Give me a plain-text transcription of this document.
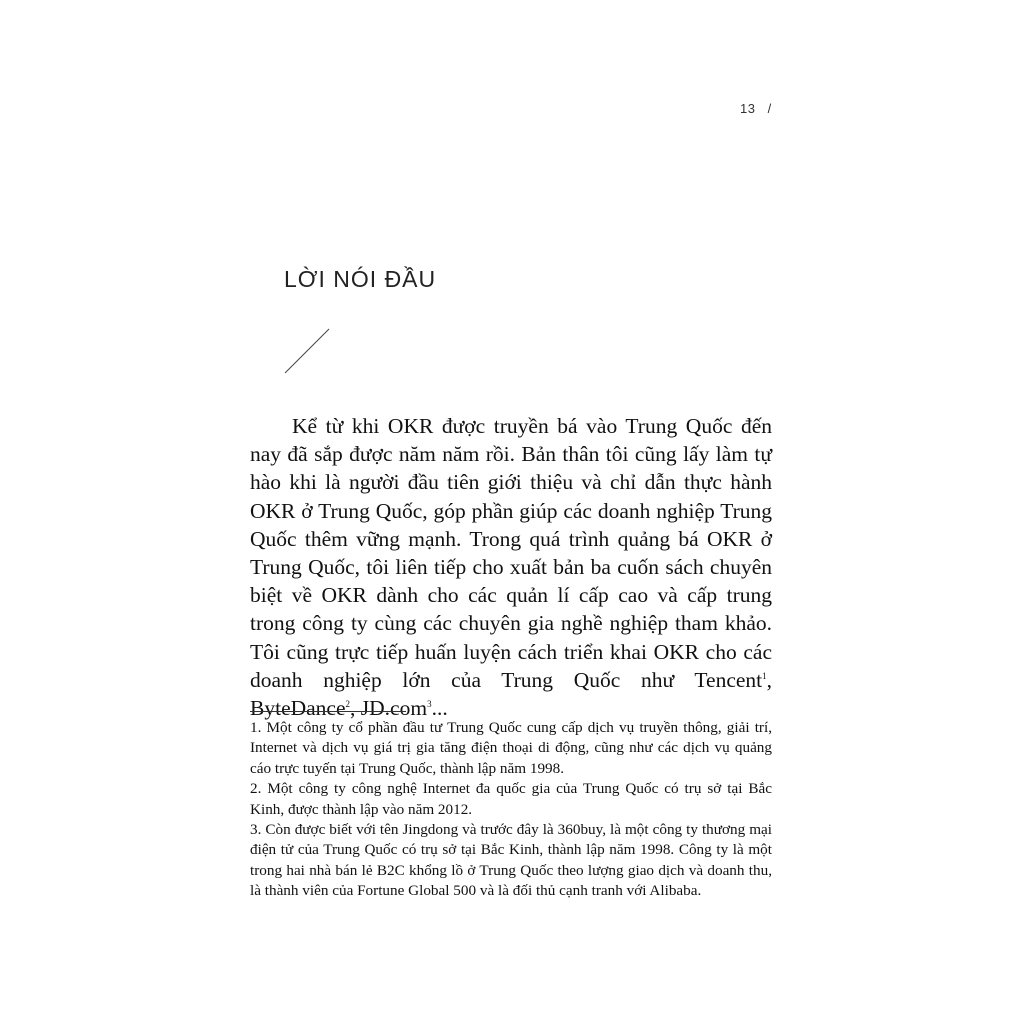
13 /
LỜI NÓI ĐẦU

Kể từ khi OKR được truyền bá vào Trung Quốc đến nay đã sắp được năm năm rồi. Bản thân tôi cũng lấy làm tự hào khi là người đầu tiên giới thiệu và chỉ dẫn thực hành OKR ở Trung Quốc, góp phần giúp các doanh nghiệp Trung Quốc thêm vững mạnh. Trong quá trình quảng bá OKR ở Trung Quốc, tôi liên tiếp cho xuất bản ba cuốn sách chuyên biệt về OKR dành cho các quản lí cấp cao và cấp trung trong công ty cùng các chuyên gia nghề nghiệp tham khảo. Tôi cũng trực tiếp huấn luyện cách triển khai OKR cho các doanh nghiệp lớn của Trung Quốc như Tencent$^1$, ByteDance$^2$, JD.com$^3$...

1. Một công ty cổ phần đầu tư Trung Quốc cung cấp dịch vụ truyền thông, giải trí, Internet và dịch vụ giá trị gia tăng điện thoại di động, cũng như các dịch vụ quảng cáo trực tuyến tại Trung Quốc, thành lập năm 1998.

2. Một công ty công nghệ Internet đa quốc gia của Trung Quốc có trụ sở tại Bắc Kinh, được thành lập vào năm 2012.

3. Còn được biết với tên Jingdong và trước đây là 360buy, là một công ty thương mại điện tử của Trung Quốc có trụ sở tại Bắc Kinh, thành lập năm 1998. Công ty là một trong hai nhà bán lẻ B2C khổng lồ ở Trung Quốc theo lượng giao dịch và doanh thu, là thành viên của Fortune Global 500 và là đối thủ cạnh tranh với Alibaba.
